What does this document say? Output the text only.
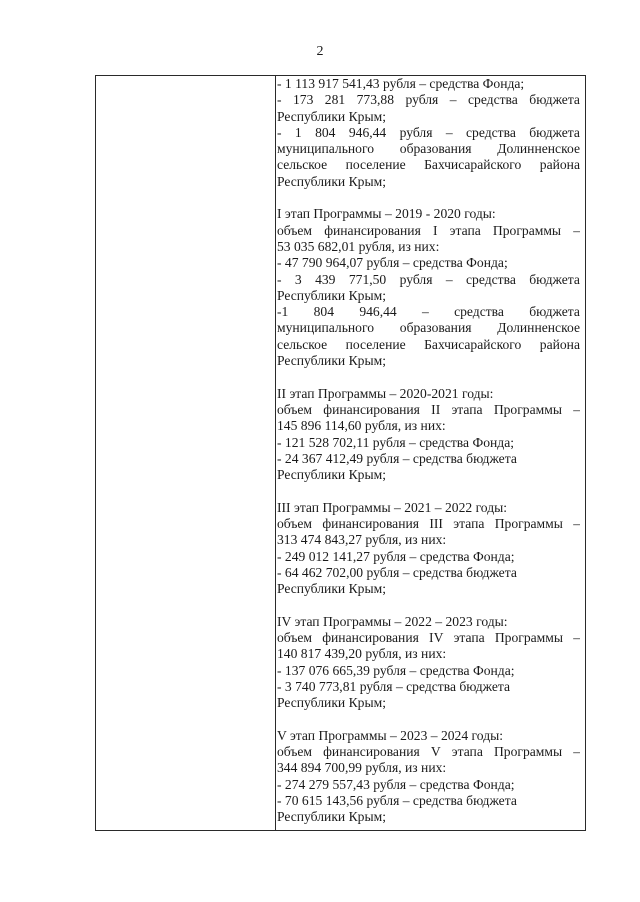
2
- 1 113 917 541,43 рубля – средства Фонда;
- 173 281 773,88 рубля – средства бюджета
Республики Крым;
- 1 804 946,44 рубля – средства бюджета
муниципального образования Долинненское
сельское поселение Бахчисарайского района
Республики Крым;
I этап Программы – 2019 - 2020 годы:
объем финансирования I этапа Программы –
53 035 682,01 рубля, из них:
- 47 790 964,07 рубля – средства Фонда;
- 3 439 771,50 рубля – средства бюджета
Республики Крым;
-1 804 946,44 – средства бюджета
муниципального образования Долинненское
сельское поселение Бахчисарайского района
Республики Крым;
II этап Программы – 2020-2021 годы:
объем финансирования II этапа Программы –
145 896 114,60 рубля, из них:
- 121 528 702,11 рубля – средства Фонда;
- 24 367 412,49 рубля – средства бюджета
Республики Крым;
III этап Программы – 2021 – 2022 годы:
объем финансирования III этапа Программы –
313 474 843,27 рубля, из них:
- 249 012 141,27 рубля – средства Фонда;
- 64 462 702,00 рубля – средства бюджета
Республики Крым;
IV этап Программы – 2022 – 2023 годы:
объем финансирования IV этапа Программы –
140 817 439,20 рубля, из них:
- 137 076 665,39 рубля – средства Фонда;
- 3 740 773,81 рубля – средства бюджета
Республики Крым;
V этап Программы – 2023 – 2024 годы:
объем финансирования V этапа Программы –
344 894 700,99 рубля, из них:
- 274 279 557,43 рубля – средства Фонда;
- 70 615 143,56 рубля – средства бюджета
Республики Крым;
